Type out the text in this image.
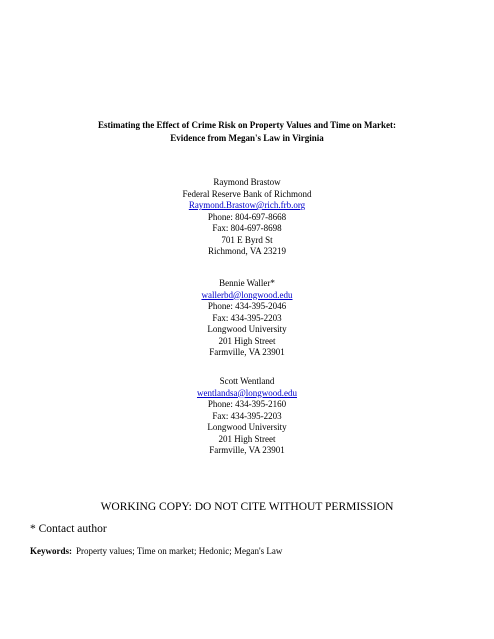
Estimating the Effect of Crime Risk on Property Values and Time on Market:
Evidence from Megan's Law in Virginia
Raymond Brastow
Federal Reserve Bank of Richmond
Raymond.Brastow@rich.frb.org
Phone: 804-697-8668
Fax: 804-697-8698
701 E Byrd St
Richmond, VA 23219
Bennie Waller*
wallerbd@longwood.edu
Phone: 434-395-2046
Fax: 434-395-2203
Longwood University
201 High Street
Farmville, VA 23901
Scott Wentland
wentlandsa@longwood.edu
Phone: 434-395-2160
Fax: 434-395-2203
Longwood University
201 High Street
Farmville, VA 23901
WORKING COPY: DO NOT CITE WITHOUT PERMISSION
* Contact author
Keywords: Property values; Time on market; Hedonic; Megan's Law
